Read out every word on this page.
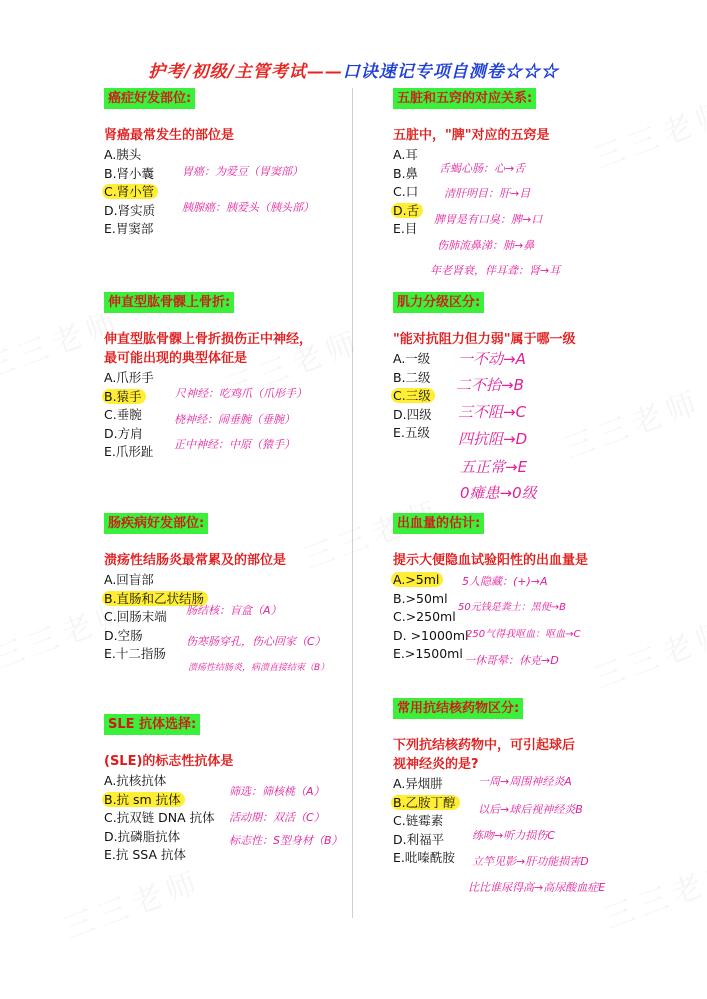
护考/初级/主管考试——口诀速记专项自测卷☆☆☆
癌症好发部位:
肾癌最常发生的部位是
A.胰头
B.肾小囊
C.肾小管
D.肾实质
E.胃窦部
胃癌：为爱豆（胃窦部）
胰腺癌：胰爱头（胰头部）
五脏和五窍的对应关系:
五脏中，"脾"对应的五窍是
A.耳
B.鼻
C.口
D.舌
E.目
舌蝎心肠：心→舌
清肝明目：肝→目
脾胃是有口臭：脾→口
伤肺流鼻涕：肺→鼻
年老肾衰，伴耳聋：肾→耳
伸直型肱骨髁上骨折:
伸直型肱骨髁上骨折损伤正中神经，
最可能出现的典型体征是
A.爪形手
B.猿手
C.垂腕
D.方肩
E.爪形趾
尺神经：吃鸡爪（爪形手）
桡神经：闹垂腕（垂腕）
正中神经：中原（猿手）
肌力分级区分:
"能对抗阻力但力弱"属于哪一级
A.一级
B.二级
C.三级
D.四级
E.五级
一不动→A
二不抬→B
三不阻→C
四抗阻→D
五正常→E
0瘫患→0级
肠疾病好发部位:
溃疡性结肠炎最常累及的部位是
A.回盲部
B.直肠和乙状结肠
C.回肠末端
D.空肠
E.十二指肠
肠结核：盲盒（A）
伤寒肠穿孔，伤心回家（C）
溃疡性结肠炎，病溃直接结束（B）
出血量的估计:
提示大便隐血试验阳性的出血量是
A.>5ml
B.>50ml
C.>250ml
D. >1000ml
E.>1500ml
5人隐藏：(+)→A
50元钱是粪土：黑便→B
250气得我呕血：呕血→C
一休哥晕：休克→D
SLE 抗体选择:
(SLE)的标志性抗体是
A.抗核抗体
B.抗 sm 抗体
C.抗双链 DNA 抗体
D.抗磷脂抗体
E.抗 SSA 抗体
筛选：筛核桃（A）
活动期：双活（C）
标志性：S型身材（B）
常用抗结核药物区分:
下列抗结核药物中，可引起球后
视神经炎的是?
A.异烟肼
B.乙胺丁醇
C.链霉素
D.利福平
E.吡嗪酰胺
一周→周围神经炎A
以后→球后视神经炎B
练吻→听力损伤C
立竿见影→肝功能损害D
比比谁尿得高→高尿酸血症E
